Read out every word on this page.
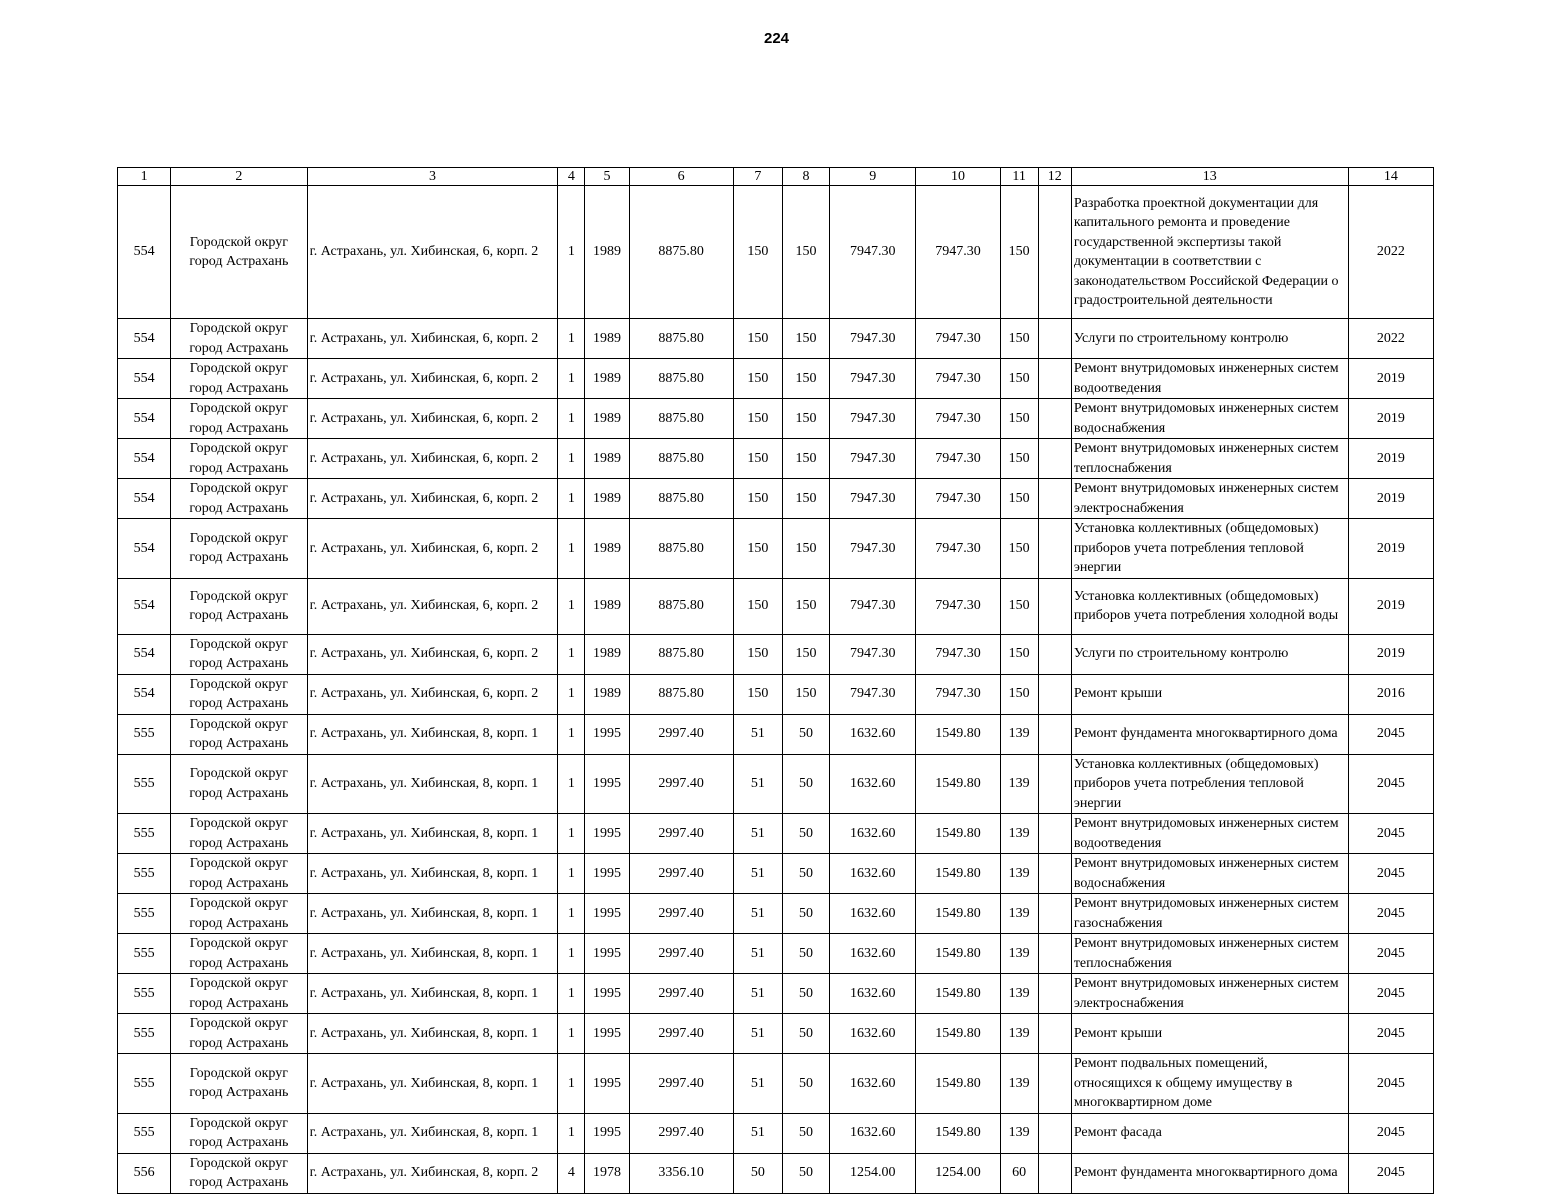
224
1	2	3	4	5	6	7	8	9	10	11	12	13	14
554	Городской округ город Астрахань	г. Астрахань, ул. Хибинская, 6, корп. 2	1	1989	8875.80	150	150	7947.30	7947.30	150		Разработка проектной документации для капитального ремонта и проведение государственной экспертизы такой документации в соответствии с законодательством Российской Федерации о градостроительной деятельности	2022
554	Городской округ город Астрахань	г. Астрахань, ул. Хибинская, 6, корп. 2	1	1989	8875.80	150	150	7947.30	7947.30	150		Услуги по строительному контролю	2022
554	Городской округ город Астрахань	г. Астрахань, ул. Хибинская, 6, корп. 2	1	1989	8875.80	150	150	7947.30	7947.30	150		Ремонт внутридомовых инженерных систем водоотведения	2019
554	Городской округ город Астрахань	г. Астрахань, ул. Хибинская, 6, корп. 2	1	1989	8875.80	150	150	7947.30	7947.30	150		Ремонт внутридомовых инженерных систем водоснабжения	2019
554	Городской округ город Астрахань	г. Астрахань, ул. Хибинская, 6, корп. 2	1	1989	8875.80	150	150	7947.30	7947.30	150		Ремонт внутридомовых инженерных систем теплоснабжения	2019
554	Городской округ город Астрахань	г. Астрахань, ул. Хибинская, 6, корп. 2	1	1989	8875.80	150	150	7947.30	7947.30	150		Ремонт внутридомовых инженерных систем электроснабжения	2019
554	Городской округ город Астрахань	г. Астрахань, ул. Хибинская, 6, корп. 2	1	1989	8875.80	150	150	7947.30	7947.30	150		Установка коллективных (общедомовых) приборов учета потребления тепловой энергии	2019
554	Городской округ город Астрахань	г. Астрахань, ул. Хибинская, 6, корп. 2	1	1989	8875.80	150	150	7947.30	7947.30	150		Установка коллективных (общедомовых) приборов учета потребления холодной воды	2019
554	Городской округ город Астрахань	г. Астрахань, ул. Хибинская, 6, корп. 2	1	1989	8875.80	150	150	7947.30	7947.30	150		Услуги по строительному контролю	2019
554	Городской округ город Астрахань	г. Астрахань, ул. Хибинская, 6, корп. 2	1	1989	8875.80	150	150	7947.30	7947.30	150		Ремонт крыши	2016
555	Городской округ город Астрахань	г. Астрахань, ул. Хибинская, 8, корп. 1	1	1995	2997.40	51	50	1632.60	1549.80	139		Ремонт фундамента многоквартирного дома	2045
555	Городской округ город Астрахань	г. Астрахань, ул. Хибинская, 8, корп. 1	1	1995	2997.40	51	50	1632.60	1549.80	139		Установка коллективных (общедомовых) приборов учета потребления тепловой энергии	2045
555	Городской округ город Астрахань	г. Астрахань, ул. Хибинская, 8, корп. 1	1	1995	2997.40	51	50	1632.60	1549.80	139		Ремонт внутридомовых инженерных систем водоотведения	2045
555	Городской округ город Астрахань	г. Астрахань, ул. Хибинская, 8, корп. 1	1	1995	2997.40	51	50	1632.60	1549.80	139		Ремонт внутридомовых инженерных систем водоснабжения	2045
555	Городской округ город Астрахань	г. Астрахань, ул. Хибинская, 8, корп. 1	1	1995	2997.40	51	50	1632.60	1549.80	139		Ремонт внутридомовых инженерных систем газоснабжения	2045
555	Городской округ город Астрахань	г. Астрахань, ул. Хибинская, 8, корп. 1	1	1995	2997.40	51	50	1632.60	1549.80	139		Ремонт внутридомовых инженерных систем теплоснабжения	2045
555	Городской округ город Астрахань	г. Астрахань, ул. Хибинская, 8, корп. 1	1	1995	2997.40	51	50	1632.60	1549.80	139		Ремонт внутридомовых инженерных систем электроснабжения	2045
555	Городской округ город Астрахань	г. Астрахань, ул. Хибинская, 8, корп. 1	1	1995	2997.40	51	50	1632.60	1549.80	139		Ремонт крыши	2045
555	Городской округ город Астрахань	г. Астрахань, ул. Хибинская, 8, корп. 1	1	1995	2997.40	51	50	1632.60	1549.80	139		Ремонт подвальных помещений, относящихся к общему имуществу в многоквартирном доме	2045
555	Городской округ город Астрахань	г. Астрахань, ул. Хибинская, 8, корп. 1	1	1995	2997.40	51	50	1632.60	1549.80	139		Ремонт фасада	2045
556	Городской округ город Астрахань	г. Астрахань, ул. Хибинская, 8, корп. 2	4	1978	3356.10	50	50	1254.00	1254.00	60		Ремонт фундамента многоквартирного дома	2045
